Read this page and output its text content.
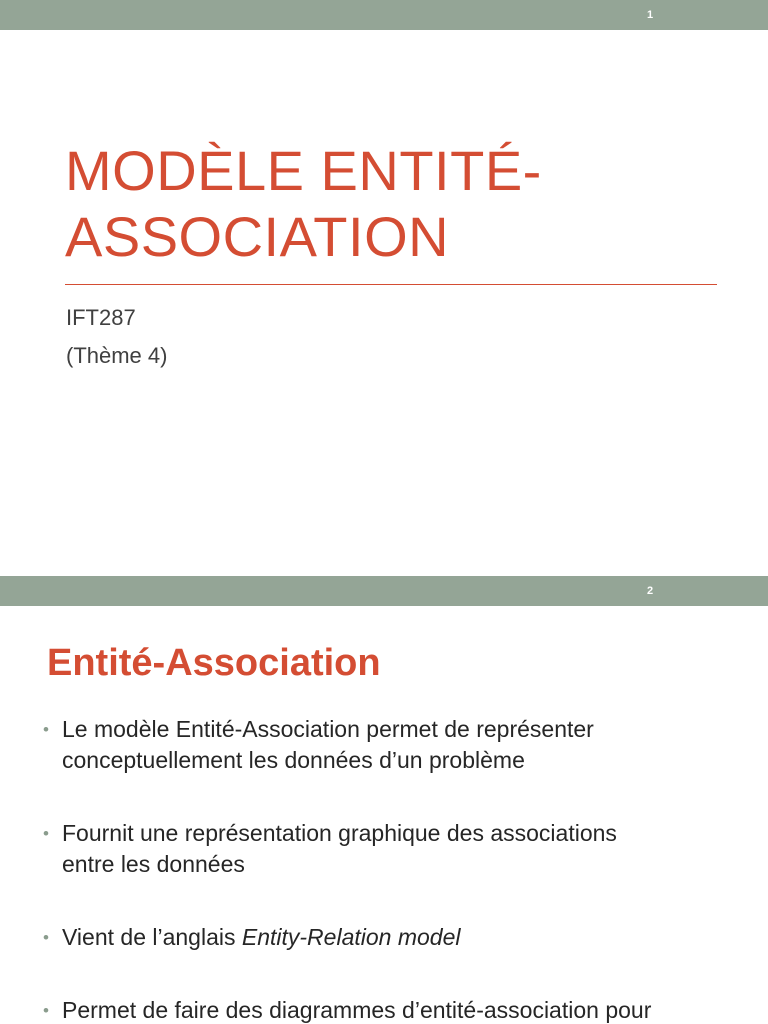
1
MODÈLE ENTITÉ-
ASSOCIATION
IFT287
(Thème 4)
2
Entité-Association
• Le modèle Entité-Association permet de représenter
conceptuellement les données d’un problème
• Fournit une représentation graphique des associations
entre les données
• Vient de l’anglais Entity-Relation model
• Permet de faire des diagrammes d’entité-association pour
